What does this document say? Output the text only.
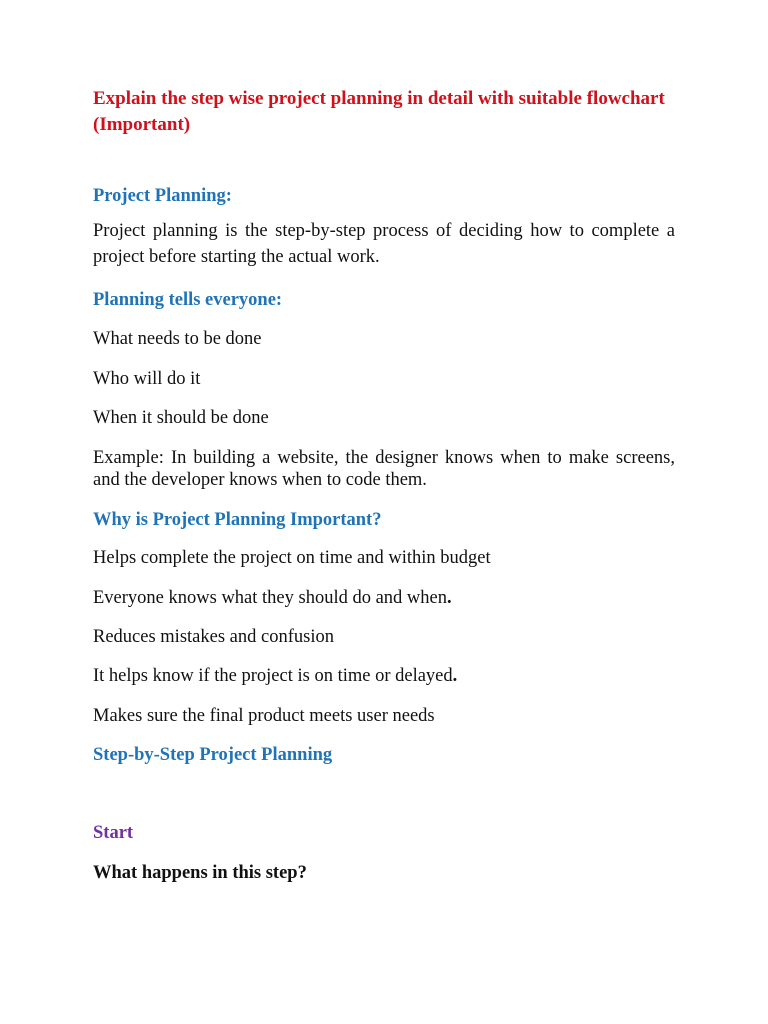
Explain the step wise project planning in detail with suitable flowchart (Important)
Project Planning:
Project planning is the step-by-step process of deciding how to complete a project before starting the actual work.
Planning tells everyone:
What needs to be done
Who will do it
When it should be done
Example: In building a website, the designer knows when to make screens, and the developer knows when to code them.
Why is Project Planning Important?
Helps complete the project on time and within budget
Everyone knows what they should do and when.
Reduces mistakes and confusion
It helps know if the project is on time or delayed.
Makes sure the final product meets user needs
Step-by-Step Project Planning
Start
What happens in this step?
